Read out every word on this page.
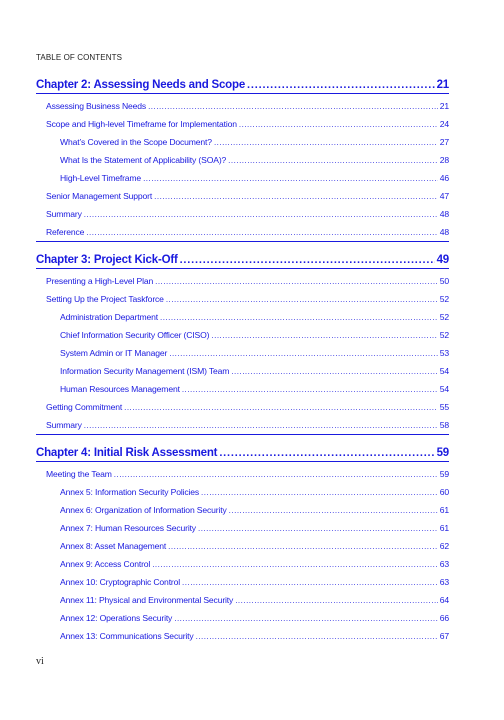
TABLE OF CONTENTS
Chapter 2: Assessing Needs and Scope .....	21
Assessing Business Needs .....	21
Scope and High-level Timeframe for Implementation .....	24
What’s Covered in the Scope Document? .....	27
What Is the Statement of Applicability (SOA)? .....	28
High-Level Timeframe .....	46
Senior Management Support .....	47
Summary .....	48
Reference .....	48
Chapter 3: Project Kick-Off .....	49
Presenting a High-Level Plan .....	50
Setting Up the Project Taskforce .....	52
Administration Department .....	52
Chief Information Security Officer (CISO) .....	52
System Admin or IT Manager .....	53
Information Security Management (ISM) Team .....	54
Human Resources Management .....	54
Getting Commitment .....	55
Summary .....	58
Chapter 4: Initial Risk Assessment .....	59
Meeting the Team .....	59
Annex 5: Information Security Policies .....	60
Annex 6: Organization of Information Security .....	61
Annex 7: Human Resources Security .....	61
Annex 8: Asset Management .....	62
Annex 9: Access Control .....	63
Annex 10: Cryptographic Control .....	63
Annex 11: Physical and Environmental Security .....	64
Annex 12: Operations Security .....	66
Annex 13: Communications Security .....	67
vi
